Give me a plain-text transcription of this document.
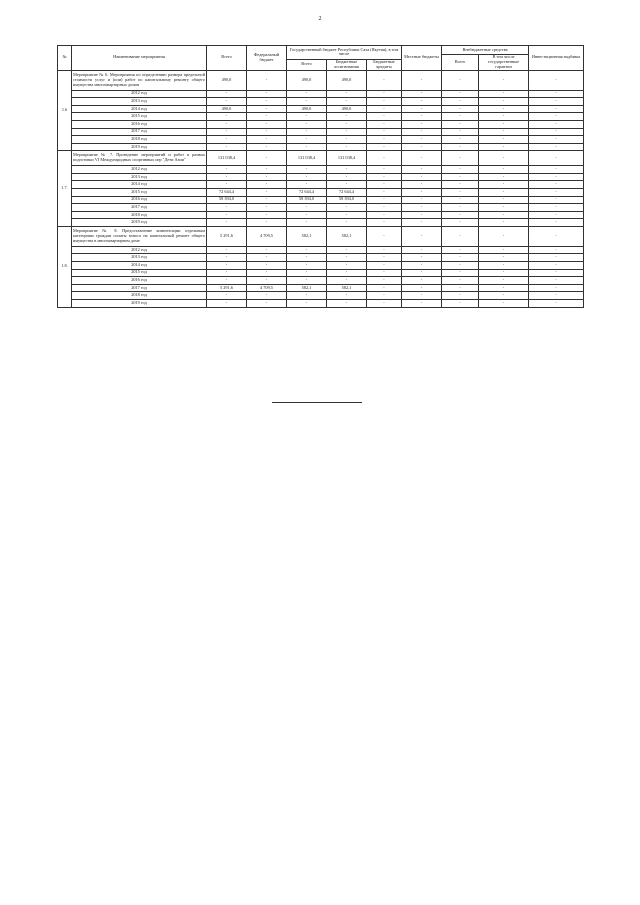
2
№	Наименование мероприятия	Всего	Федеральный бюджет	Государственный бюджет Республики Саха (Якутия), в том числе			Местные бюджеты	Внебюджетные средства		Инвестиционная надбавка
								Всего	В том числе государственные гарантии	
				Всего	Бюджетные ассигнования	Бюджетные кредиты				
1.6	Мероприятие № 6. Мероприятия по определению размера предельной стоимости услуг и (или) работ по капитальному ремонту общего имущества многоквартирных домов	490,0	-	490,0	490,0	-	-	-	-	-
	2012 год	-	-	-	-	-	-	-	-	-
	2013 год	-	-	-	-	-	-	-	-	-
	2014 год	490,0	-	490,0	490,0	-	-	-	-	-
	2015 год	-	-	-	-	-	-	-	-	-
	2016 год	-	-	-	-	-	-	-	-	-
	2017 год	-	-	-	-	-	-	-	-	-
	2018 год	-	-	-	-	-	-	-	-	-
	2019 год	-	-	-	-	-	-	-	-	-
1.7.	Мероприятие № 7. Проведение мероприятий и работ в рамках подготовки VI Международных спортивных игр "Дети Азии"	131 038,4	-	131 038,4	131 038,4	-	-	-	-	-
	2012 год	-	-	-	-	-	-	-	-	-
	2013 год	-	-	-	-	-	-	-	-	-
	2014 год	-	-	-	-	-	-	-	-	-
	2015 год	72 644,4	-	72 644,4	72 644,4	-	-	-	-	-
	2016 год	58 394,0	-	58 394,0	58 394,0	-	-	-	-	-
	2017 год	-	-	-	-	-	-	-	-	-
	2018 год	-	-	-	-	-	-	-	-	-
	2019 год	-	-	-	-	-	-	-	-	-
1.8.	Мероприятие № 8. Предоставление компенсации отдельным категориям граждан оплаты взноса на капитальный ремонт общего имущества в многоквартирном доме	5 291,6	4 709,5	582,1	582,1	-	-	-	-	-
	2012 год	-	-	-	-	-	-	-	-	-
	2013 год	-	-	-	-	-	-	-	-	-
	2014 год	-	-	-	-	-	-	-	-	-
	2015 год	-	-	-	-	-	-	-	-	-
	2016 год	-	-	-	-	-	-	-	-	-
	2017 год	5 291,6	4 709,5	582,1	582,1	-	-	-	-	-
	2018 год	-	-	-	-	-	-	-	-	-
	2019 год	-	-	-	-	-	-	-	-	-
